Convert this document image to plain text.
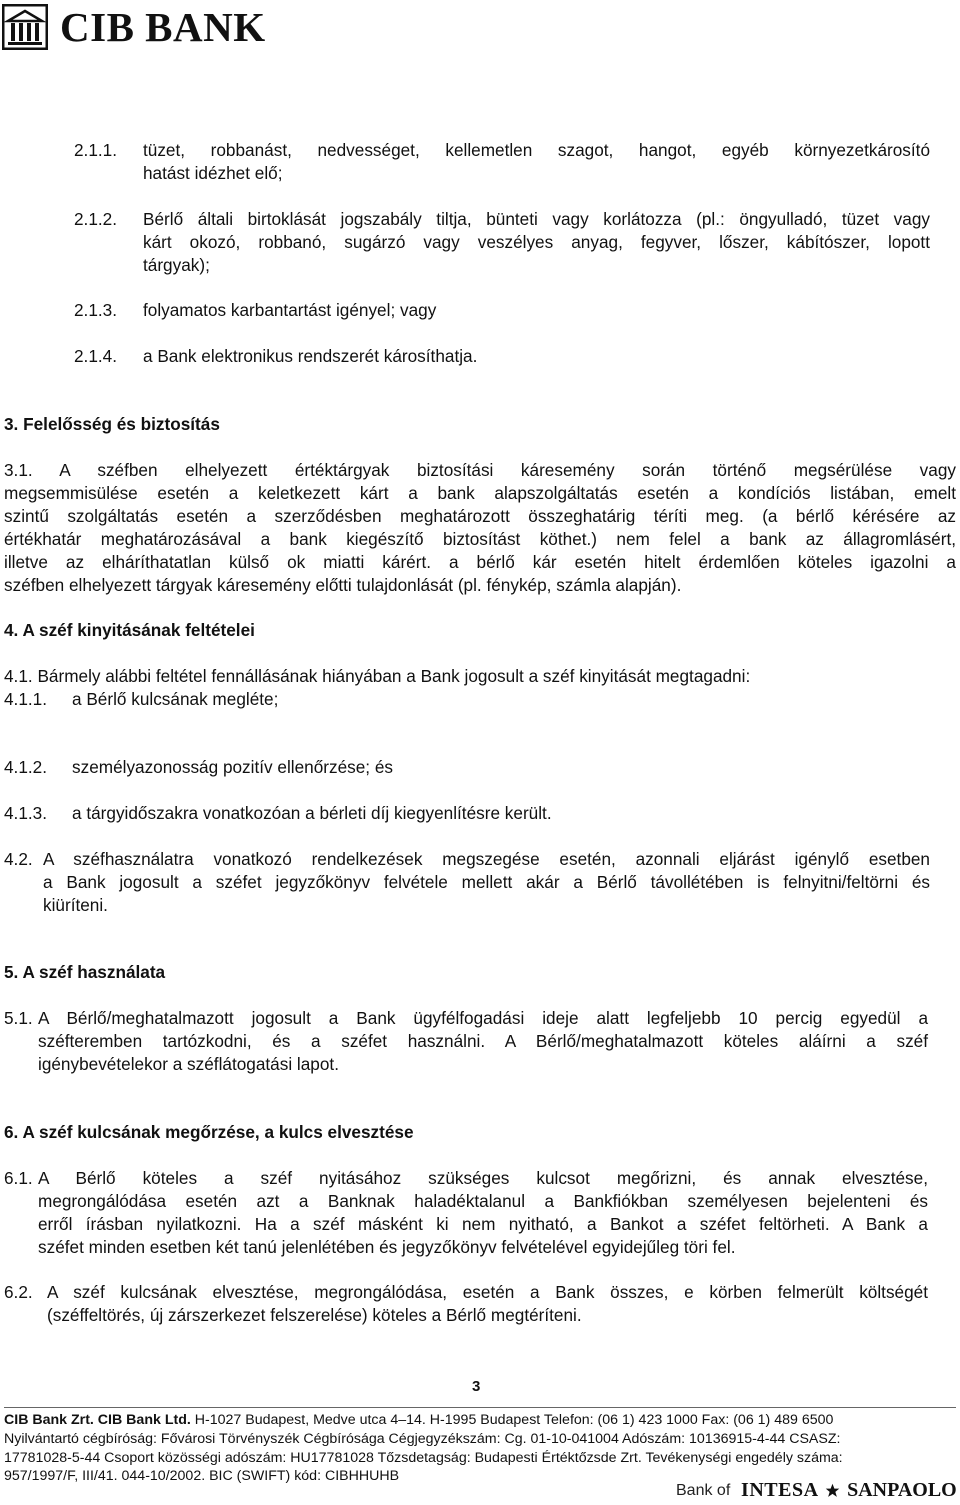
CIB BANK
2.1.1. tüzet, robbanást, nedvességet, kellemetlen szagot, hangot, egyéb környezetkárosító
hatást idézhet elő;
2.1.2. Bérlő általi birtoklását jogszabály tiltja, bünteti vagy korlátozza (pl.: öngyulladó, tüzet vagy
kárt okozó, robbanó, sugárzó vagy veszélyes anyag, fegyver, lőszer, kábítószer, lopott
tárgyak);
2.1.3. folyamatos karbantartást igényel; vagy
2.1.4. a Bank elektronikus rendszerét károsíthatja.
3. Felelősség és biztosítás
3.1. A széfben elhelyezett értéktárgyak biztosítási káresemény során történő megsérülése vagy
megsemmisülése esetén a keletkezett kárt a bank alapszolgáltatás esetén a kondíciós listában, emelt
szintű szolgáltatás esetén a szerződésben meghatározott összeghatárig téríti meg. (a bérlő kérésére az
értékhatár meghatározásával a bank kiegészítő biztosítást köthet.) nem felel a bank az állagromlásért,
illetve az elháríthatatlan külső ok miatti kárért. a bérlő kár esetén hitelt érdemlően köteles igazolni a
széfben elhelyezett tárgyak káresemény előtti tulajdonlását (pl. fénykép, számla alapján).
4. A széf kinyitásának feltételei
4.1. Bármely alábbi feltétel fennállásának hiányában a Bank jogosult a széf kinyitását megtagadni:
4.1.1. a Bérlő kulcsának megléte;
4.1.2. személyazonosság pozitív ellenőrzése; és
4.1.3. a tárgyidőszakra vonatkozóan a bérleti díj kiegyenlítésre került.
4.2. A széfhasználatra vonatkozó rendelkezések megszegése esetén, azonnali eljárást igénylő esetben
a Bank jogosult a széfet jegyzőkönyv felvétele mellett akár a Bérlő távollétében is felnyitni/feltörni és
kiüríteni.
5. A széf használata
5.1. A Bérlő/meghatalmazott jogosult a Bank ügyfélfogadási ideje alatt legfeljebb 10 percig egyedül a
széfteremben tartózkodni, és a széfet használni. A Bérlő/meghatalmazott köteles aláírni a széf
igénybevételekor a széflátogatási lapot.
6. A széf kulcsának megőrzése, a kulcs elvesztése
6.1. A Bérlő köteles a széf nyitásához szükséges kulcsot megőrizni, és annak elvesztése,
megrongálódása esetén azt a Banknak haladéktalanul a Bankfiókban személyesen bejelenteni és
erről írásban nyilatkozni. Ha a széf másként ki nem nyitható, a Bankot a széfet feltörheti. A Bank a
széfet minden esetben két tanú jelenlétében és jegyzőkönyv felvételével egyidejűleg töri fel.
6.2. A széf kulcsának elvesztése, megrongálódása, esetén a Bank összes, e körben felmerült költségét
(széffeltörés, új zárszerkezet felszerelése) köteles a Bérlő megtéríteni.
3
CIB Bank Zrt. CIB Bank Ltd. H-1027 Budapest, Medve utca 4–14. H-1995 Budapest Telefon: (06 1) 423 1000 Fax: (06 1) 489 6500
Nyilvántartó cégbíróság: Fővárosi Törvényszék Cégbírósága Cégjegyzékszám: Cg. 01-10-041004 Adószám: 10136915-4-44 CSASZ:
17781028-5-44 Csoport közösségi adószám: HU17781028 Tőzsdetagság: Budapesti Értéktőzsde Zrt. Tevékenységi engedély száma:
957/1997/F, III/41. 044-10/2002. BIC (SWIFT) kód: CIBHHUHB
Bank of INTESA SANPAOLO
